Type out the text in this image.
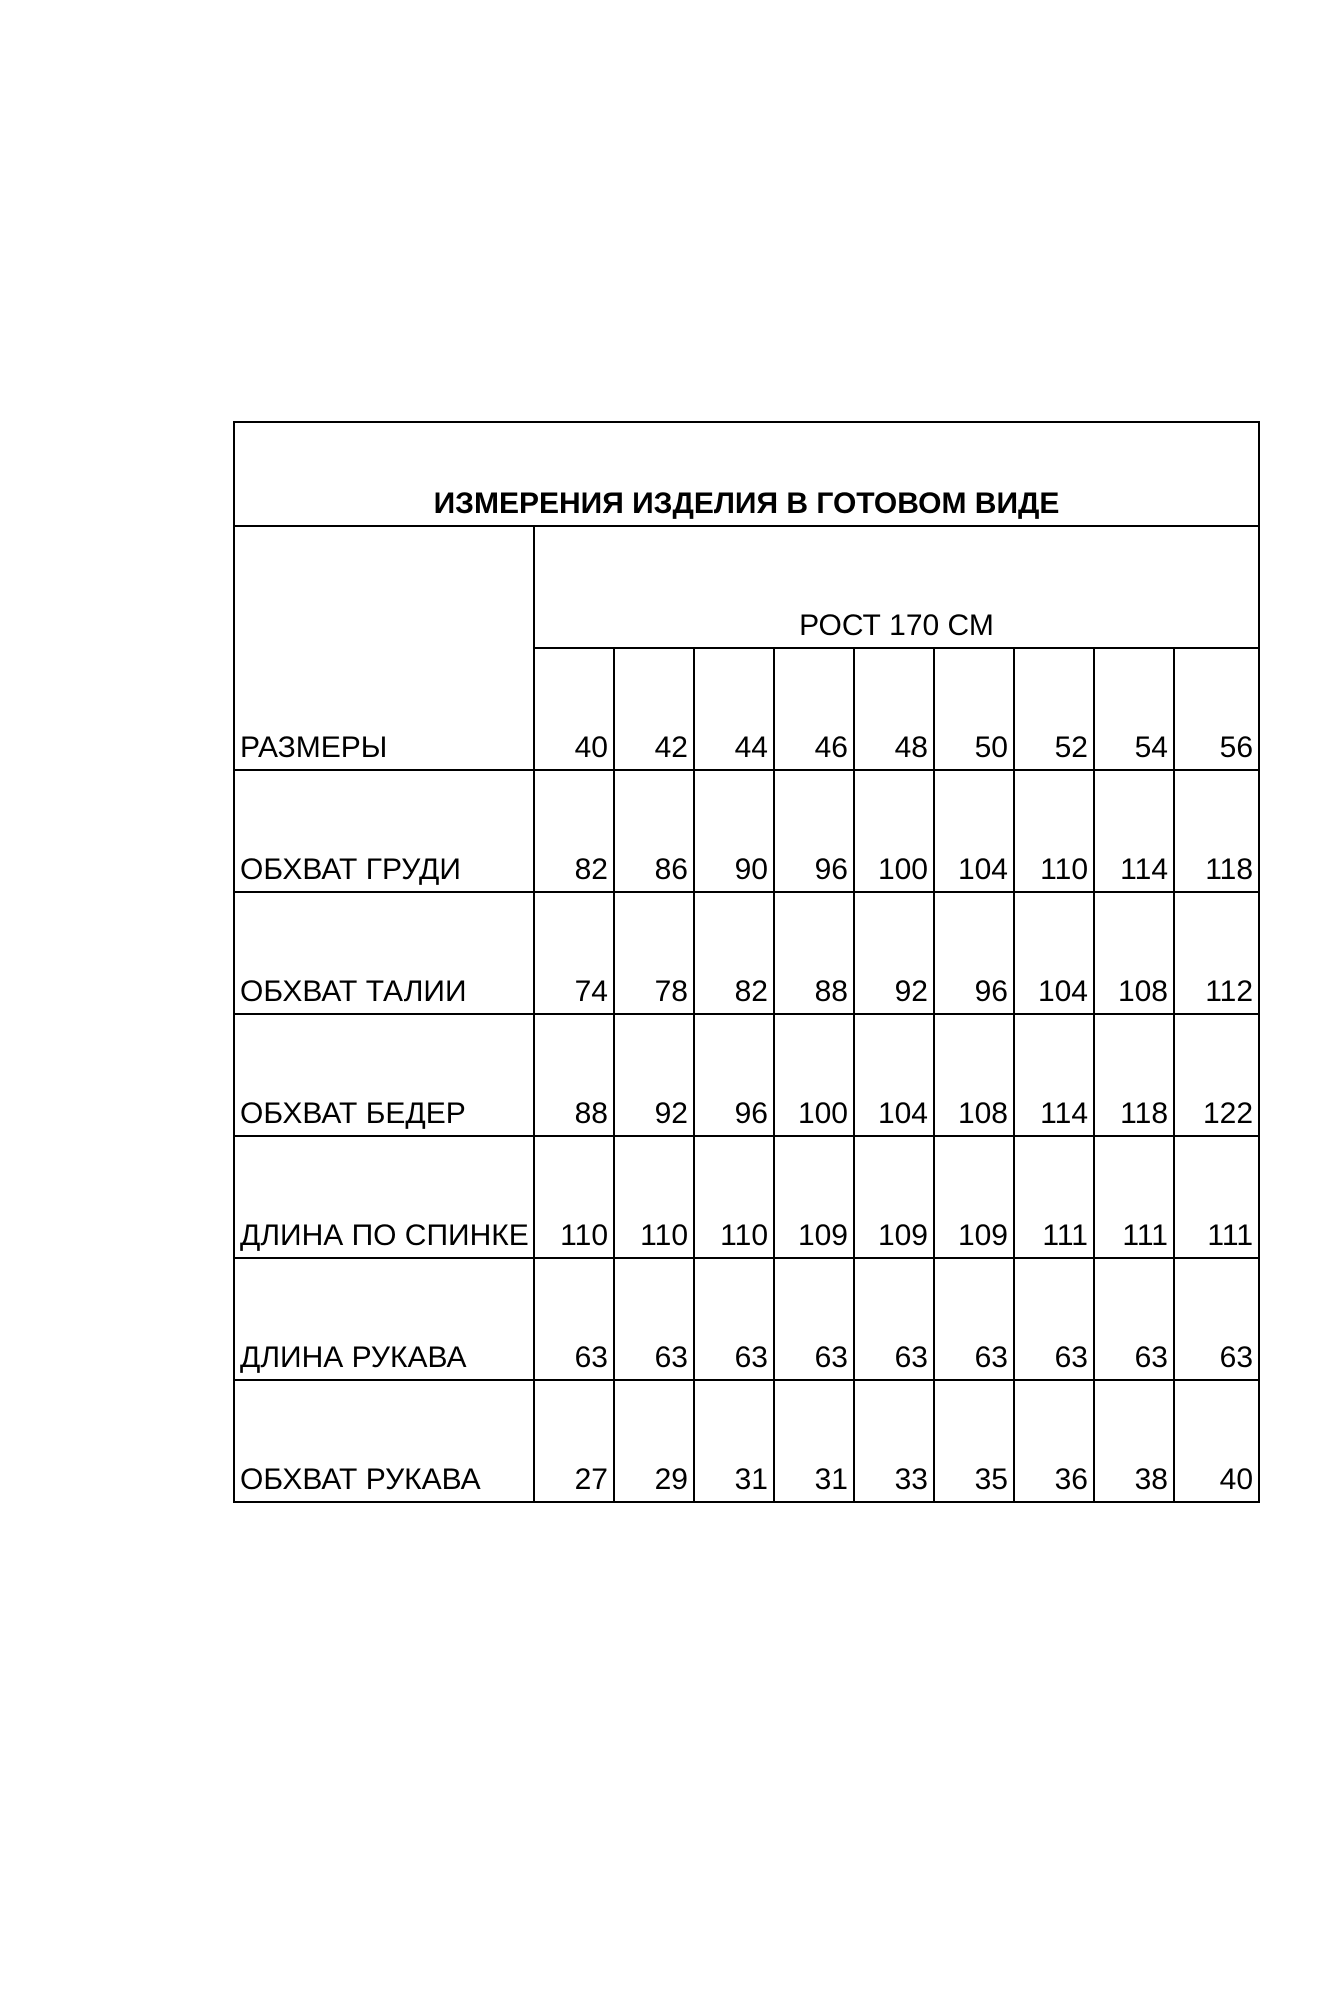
ИЗМЕРЕНИЯ ИЗДЕЛИЯ В ГОТОВОМ ВИДЕ									
РАЗМЕРЫ	РОСТ 170 СМ								
	40	42	44	46	48	50	52	54	56
ОБХВАТ ГРУДИ	82	86	90	96	100	104	110	114	118
ОБХВАТ ТАЛИИ	74	78	82	88	92	96	104	108	112
ОБХВАТ БЕДЕР	88	92	96	100	104	108	114	118	122
ДЛИНА ПО СПИНКЕ	110	110	110	109	109	109	111	111	111
ДЛИНА РУКАВА	63	63	63	63	63	63	63	63	63
ОБХВАТ РУКАВА	27	29	31	31	33	35	36	38	40
